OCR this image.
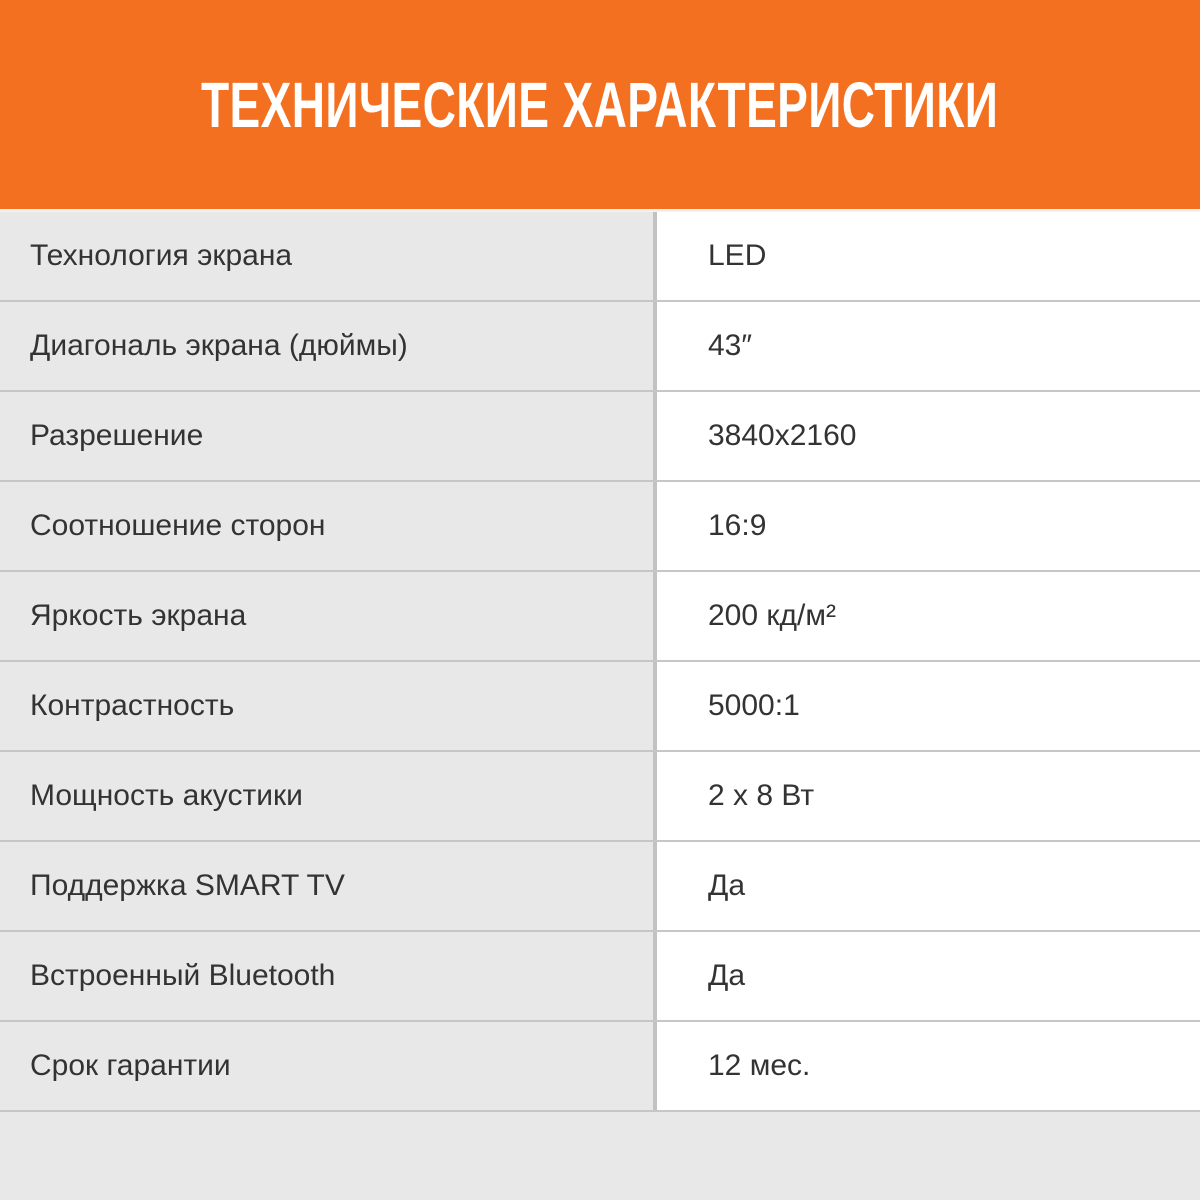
ТЕХНИЧЕСКИЕ ХАРАКТЕРИСТИКИ
Технология экрана	LED
Диагональ экрана (дюймы)	43″
Разрешение	3840x2160
Соотношение сторон	16:9
Яркость экрана	200 кд/м²
Контрастность	5000:1
Мощность акустики	2 x 8 Вт
Поддержка SMART TV	Да
Встроенный Bluetooth	Да
Срок гарантии	12 мес.
